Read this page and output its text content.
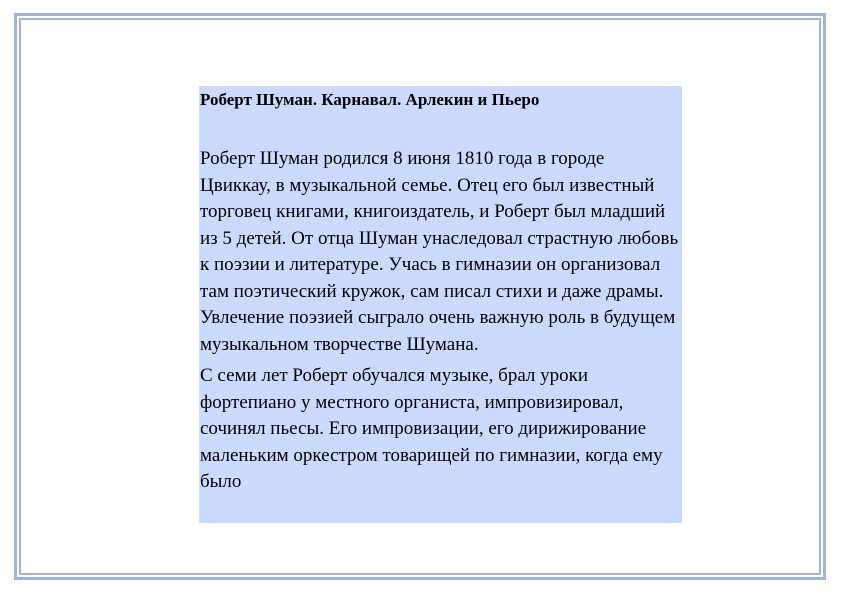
Роберт Шуман. Карнавал. Арлекин и Пьеро

Роберт Шуман родился 8 июня 1810 года в городе Цвиккау, в музыкальной семье. Отец его был известный торговец книгами, книгоиздатель, и Роберт был младший из 5 детей. От отца Шуман унаследовал страстную любовь к поэзии и литературе. Учась в гимназии он организовал там поэтический кружок, сам писал стихи и даже драмы. Увлечение поэзией сыграло очень важную роль в будущем музыкальном творчестве Шумана.

С семи лет Роберт обучался музыке, брал уроки фортепиано у местного органиста, импровизировал, сочинял пьесы. Его импровизации, его дирижирование маленьким оркестром товарищей по гимназии, когда ему было
